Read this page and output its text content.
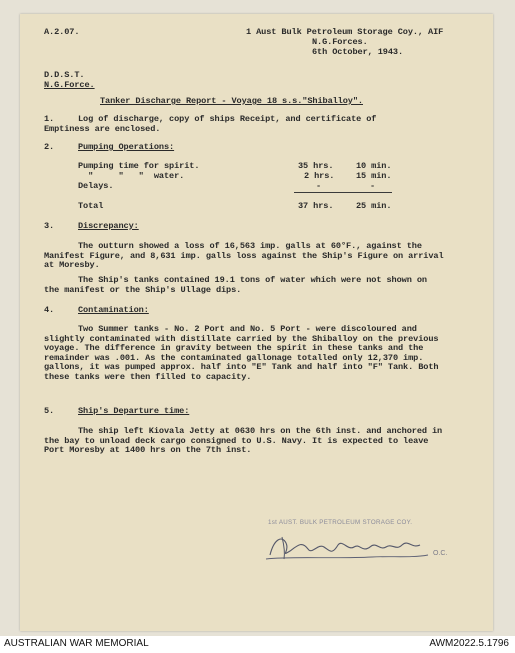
A.2.07.	1 Aust Bulk Petroleum Storage Coy., AIF
N.G.Forces.
6th October, 1943.
D.D.S.T.
N.G.Force.
Tanker Discharge Report - Voyage 18 s.s."Shiballoy".
1.	Log of discharge, copy of ships Receipt, and certificate of
Emptiness are enclosed.
2.	Pumping Operations:
Pumping time for spirit.	35 hrs.	10 min.
"     "   "  water.	2 hrs.	15 min.
Delays.	-	-
Total	37 hrs.	25 min.
3.	Discrepancy:
The outturn showed a loss of 16,563 imp. galls at 60°F., against the Manifest Figure, and 8,631 imp. galls loss against the Ship's Figure on arrival at Moresby.
The Ship's tanks contained 19.1 tons of water which were not shown on the manifest or the Ship's Ullage dips.
4.	Contamination:
Two Summer tanks - No. 2 Port and No. 5 Port - were discoloured and slightly contaminated with distillate carried by the Shiballoy on the previous voyage. The difference in gravity between the spirit in these tanks and the remainder was .001. As the contaminated gallonage totalled only 12,370 imp. gallons, it was pumped approx. half into "E" Tank and half into "F" Tank. Both these tanks were then filled to capacity.
5.	Ship's Departure time:
The ship left Kiovala Jetty at 0630 hrs on the 6th inst. and anchored in the bay to unload deck cargo consigned to U.S. Navy. It is expected to leave Port Moresby at 1400 hrs on the 7th inst.
1st AUST. BULK PETROLEUM STORAGE COY.
O.C.
AUSTRALIAN WAR MEMORIAL	AWM2022.5.1796
